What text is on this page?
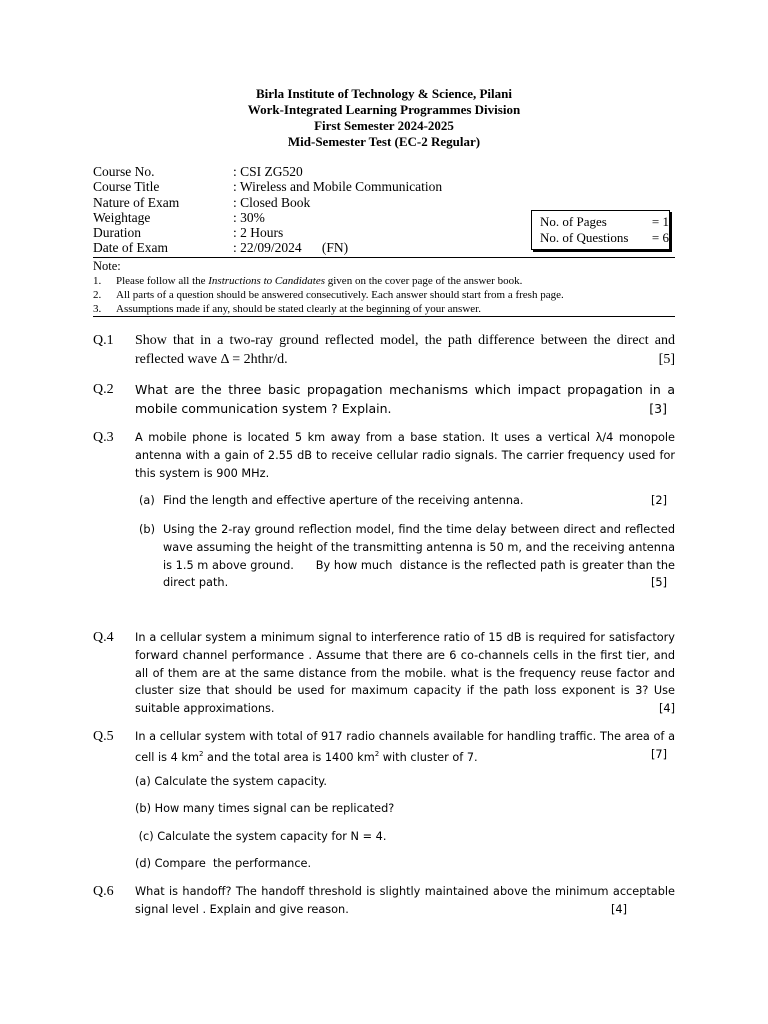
Birla Institute of Technology & Science, Pilani
Work-Integrated Learning Programmes Division
First Semester 2024-2025
Mid-Semester Test (EC-2 Regular)
Course No.	: CSI ZG520
Course Title	: Wireless and Mobile Communication
Nature of Exam	: Closed Book
Weightage	: 30%
Duration	: 2 Hours
Date of Exam	: 22/09/2024      (FN)
No. of Pages	= 1
No. of Questions	= 6
Note:
1.	Please follow all the Instructions to Candidates given on the cover page of the answer book.
2.	All parts of a question should be answered consecutively. Each answer should start from a fresh page.
3.	Assumptions made if any, should be stated clearly at the beginning of your answer.
Q.1	Show that in a two-ray ground reflected model, the path difference between the direct and reflected wave Δ = 2hthr/d.	[5]
Q.2	What are the three basic propagation mechanisms which impact propagation in a mobile communication system ? Explain.	[3]
Q.3	A mobile phone is located 5 km away from a base station. It uses a vertical λ/4 monopole antenna with a gain of 2.55 dB to receive cellular radio signals. The carrier frequency used for this system is 900 MHz.
(a) Find the length and effective aperture of the receiving antenna.	[2]
(b) Using the 2-ray ground reflection model, find the time delay between direct and reflected wave assuming the height of the transmitting antenna is 50 m, and the receiving antenna is 1.5 m above ground.      By how much  distance is the reflected path is greater than the direct path.	[5]
Q.4	In a cellular system a minimum signal to interference ratio of 15 dB is required for satisfactory forward channel performance . Assume that there are 6 co-channels cells in the first tier, and all of them are at the same distance from the mobile. what is the frequency reuse factor and cluster size that should be used for maximum capacity if the path loss exponent is 3? Use suitable approximations.	[4]
Q.5	In a cellular system with total of 917 radio channels available for handling traffic. The area of a cell is 4 $km^2$ and the total area is 1400 $km^2$ with cluster of 7.	[7]
(a) Calculate the system capacity.
(b) How many times signal can be replicated?
(c) Calculate the system capacity for N = 4.
(d) Compare  the performance.
Q.6	What is handoff? The handoff threshold is slightly maintained above the minimum acceptable signal level . Explain and give reason.	[4]
